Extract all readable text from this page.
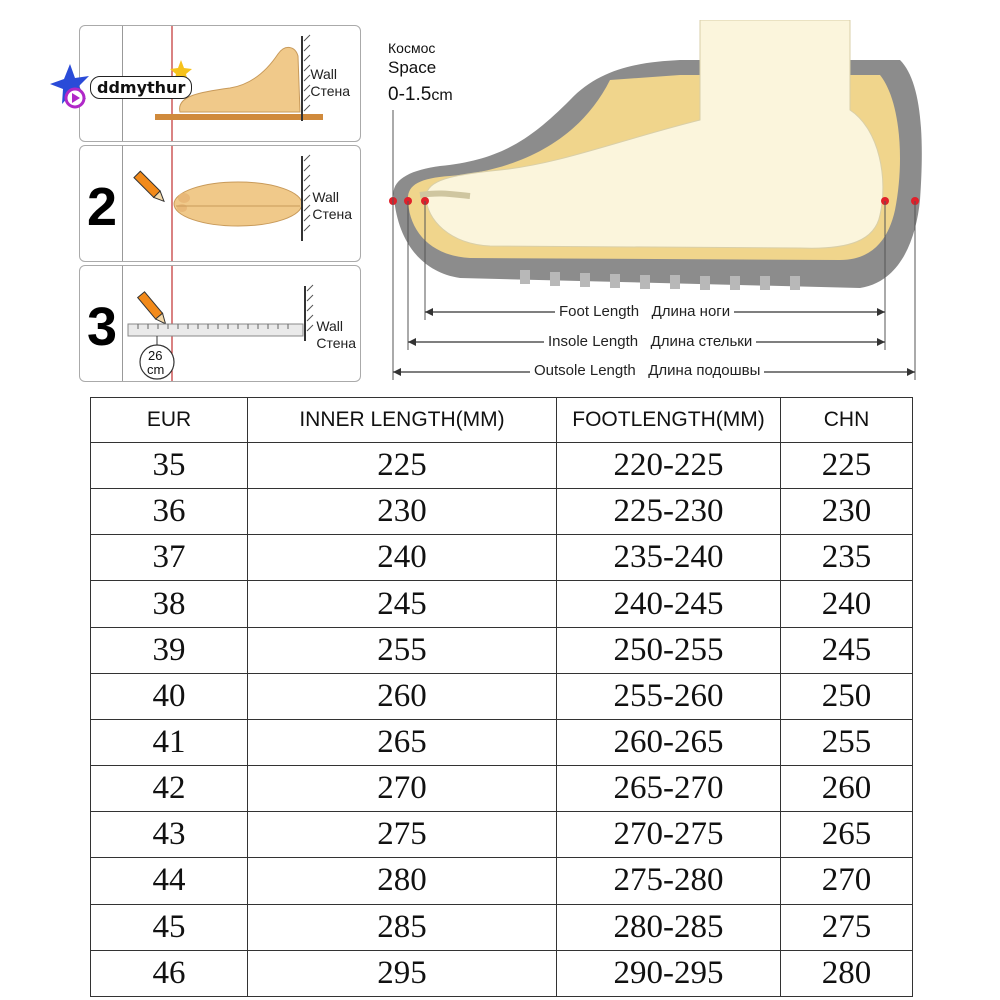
Wall
Стена
ddmythur
2	Wall
Стена
3 26
cm
Wall
Стена
Космос
Space
0-1.5cm
Foot Length Длина ноги
Insole Length Длина стельки
Outsole Length Длина подошвы
EUR	INNER LENGTH(MM)	FOOTLENGTH(MM)	CHN
35	225	220-225	225
36	230	225-230	230
37	240	235-240	235
38	245	240-245	240
39	255	250-255	245
40	260	255-260	250
41	265	260-265	255
42	270	265-270	260
43	275	270-275	265
44	280	275-280	270
45	285	280-285	275
46	295	290-295	280
